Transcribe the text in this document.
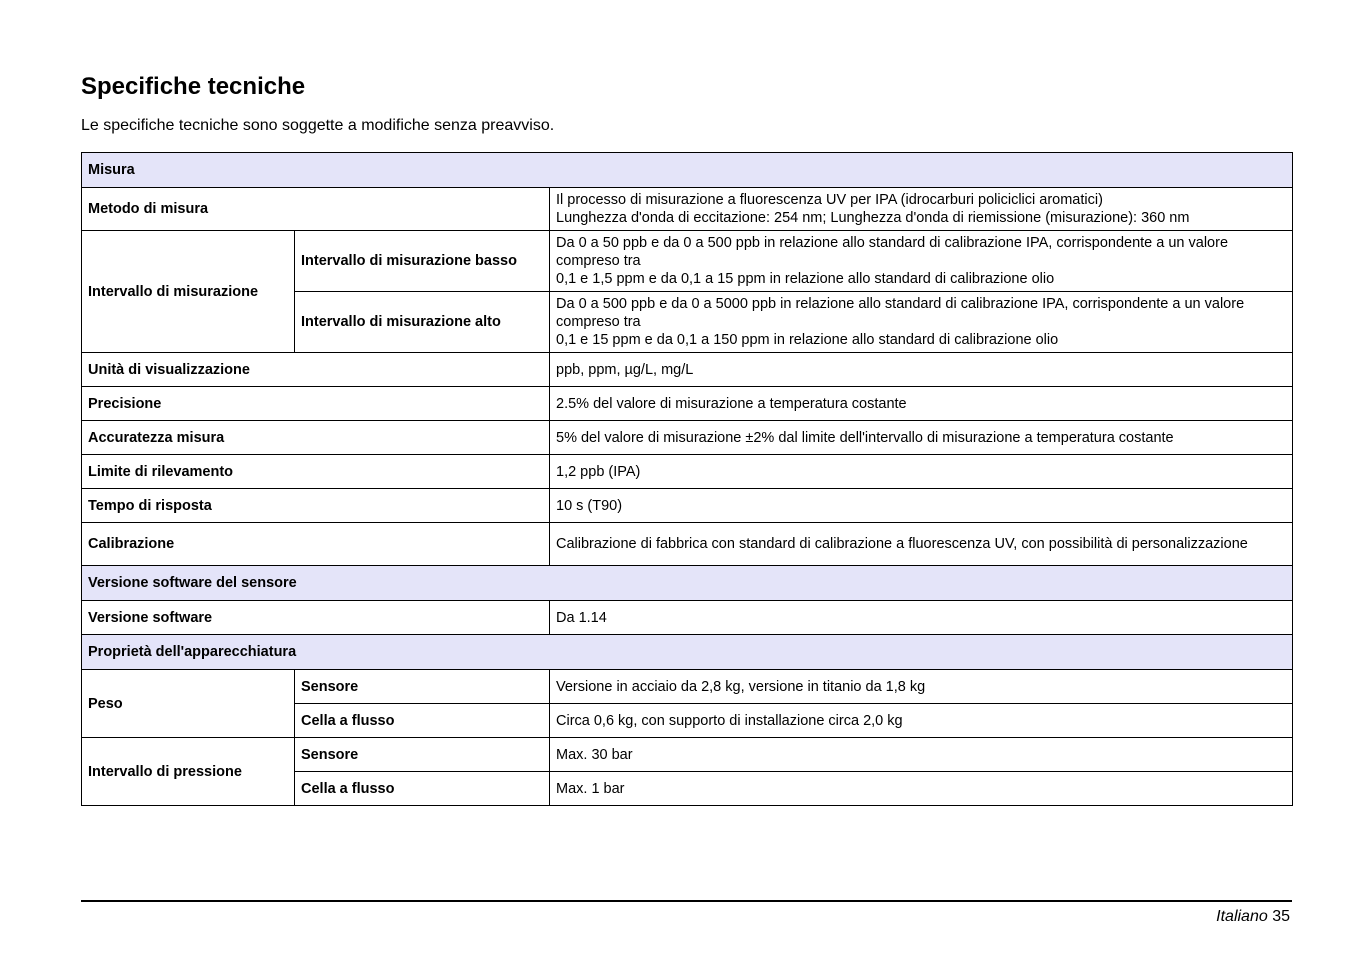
Specifiche tecniche

Le specifiche tecniche sono soggette a modifiche senza preavviso.

Misura		
Metodo di misura		Il processo di misurazione a fluorescenza UV per IPA (idrocarburi policiclici aromatici)
Lunghezza d'onda di eccitazione: 254 nm; Lunghezza d'onda di riemissione (misurazione): 360 nm

Intervallo di misurazione	Intervallo di misurazione basso	Da 0 a 50 ppb e da 0 a 500 ppb in relazione allo standard di calibrazione IPA, corrispondente a un valore compreso tra
0,1 e 1,5 ppm e da 0,1 a 15 ppm in relazione allo standard di calibrazione olio

	Intervallo di misurazione alto	Da 0 a 500 ppb e da 0 a 5000 ppb in relazione allo standard di calibrazione IPA, corrispondente a un valore compreso tra
0,1 e 15 ppm e da 0,1 a 150 ppm in relazione allo standard di calibrazione olio

Unità di visualizzazione		ppb, ppm, µg/L, mg/L
Precisione		2.5% del valore di misurazione a temperatura costante
Accuratezza misura		5% del valore di misurazione ±2% dal limite dell'intervallo di misurazione a temperatura costante
Limite di rilevamento		1,2 ppb (IPA)
Tempo di risposta		10 s (T90)
Calibrazione		Calibrazione di fabbrica con standard di calibrazione a fluorescenza UV, con possibilità di personalizzazione
Versione software del sensore		
Versione software		Da 1.14
Proprietà dell'apparecchiatura		
Peso	Sensore	Versione in acciaio da 2,8 kg, versione in titanio da 1,8 kg
	Cella a flusso	Circa 0,6 kg, con supporto di installazione circa 2,0 kg
Intervallo di pressione	Sensore	Max. 30 bar
	Cella a flusso	Max. 1 bar
Italiano 35
